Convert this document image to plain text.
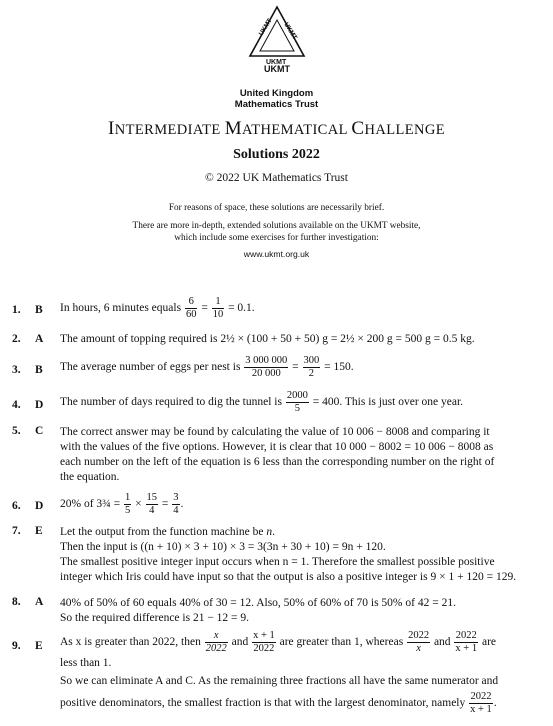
UKMT UKMT
UKMT
UKMT
United Kingdom
Mathematics Trust
INTERMEDIATE MATHEMATICAL CHALLENGE
Solutions 2022
© 2022 UK Mathematics Trust
For reasons of space, these solutions are necessarily brief.
There are more in-depth, extended solutions available on the UKMT website,
which include some exercises for further investigation:
www.ukmt.org.uk
1.	B	In hours, 6 minutes equals $\frac{6}{60} = \frac{1}{10} = 0.1$.
2.	A	The amount of topping required is 2½ × (100 + 50 + 50) g = 2½ × 200 g = 500 g = 0.5 kg.
3.	B	The average number of eggs per nest is $\frac{3 000 000}{20 000} = \frac{300}{2} = 150$.
4.	D	The number of days required to dig the tunnel is $\frac{2000}{5} = 400$. This is just over one year.
5.	C	The correct answer may be found by calculating the value of 10 006 − 8008 and comparing it
with the values of the five options. However, it is clear that 10 000 − 8002 = 10 006 − 8008 as
each number on the left of the equation is 6 less than the corresponding number on the right of
the equation.
6.	D	20% of 3¾ = $\frac{1}{5} \times \frac{15}{4} = \frac{3}{4}$ .
7.	E	Let the output from the function machine be n.
Then the input is ((n + 10) × 3 + 10) × 3 = 3(3n + 30 + 10) = 9n + 120.
The smallest positive integer input occurs when n = 1. Therefore the smallest possible positive
integer which Iris could have input so that the output is also a positive integer is 9 × 1 + 120 = 129.
8.	A	40% of 50% of 60 equals 40% of 30 = 12. Also, 50% of 60% of 70 is 50% of 42 = 21.
So the required difference is 21 − 12 = 9.
9.	E	As x is greater than 2022, then $\frac{x}{2022}$ and $\frac{x + 1}{2022}$ are greater than 1, whereas $\frac{2022}{x}$ and $\frac{2022}{x + 1}$ are
less than 1.
So we can eliminate A and C. As the remaining three fractions all have the same numerator and
positive denominators, the smallest fraction is that with the largest denominator, namely $\frac{2022}{x + 1}$ .
